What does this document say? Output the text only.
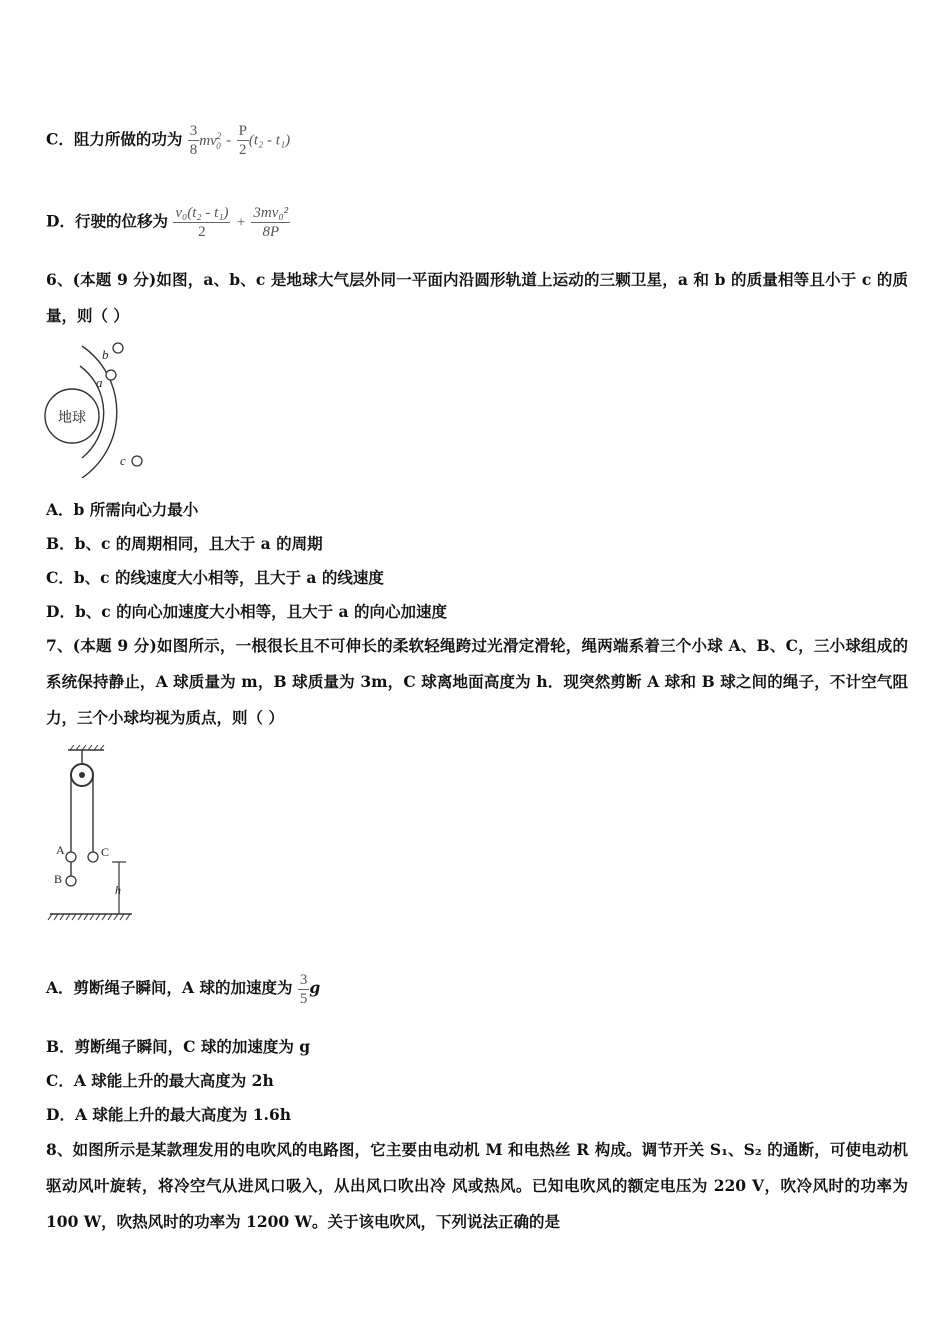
C．阻力所做的功为 $\frac{3}{8} mv^2_0 - \frac{P}{2} (t_2 - t_1)$
D．行驶的位移为 $\frac{\text{v₀(t₂ - t₁)}}{2} + \frac{\text{3mv₀²}}{8P}$
6、(本题 9 分)如图，a、b、c 是地球大气层外同一平面内沿圆形轨道上运动的三颗卫星，a 和 b 的质量相等且小于 c 的质量，则（ ）
地球
b
a
c
A．b 所需向心力最小
B．b、c 的周期相同，且大于 a 的周期
C．b、c 的线速度大小相等，且大于 a 的线速度
D．b、c 的向心加速度大小相等，且大于 a 的向心加速度
7、(本题 9 分)如图所示，一根很长且不可伸长的柔软轻绳跨过光滑定滑轮，绳两端系着三个小球 A、B、C，三小球组成的系统保持静止，A 球质量为 m，B 球质量为 3m，C 球离地面高度为 h．现突然剪断 A 球和 B 球之间的绳子，不计空气阻力，三个小球均视为质点，则（ ）
A
B
C
h
A．剪断绳子瞬间，A 球的加速度为 $\frac{3}{5}$ g
B．剪断绳子瞬间，C 球的加速度为 g
C．A 球能上升的最大高度为 2h
D．A 球能上升的最大高度为 1.6h
8、如图所示是某款理发用的电吹风的电路图，它主要由电动机 M 和电热丝 R 构成。调节开关 S₁、S₂ 的通断，可使电动机驱动风叶旋转，将冷空气从进风口吸入，从出风口吹出冷 风或热风。已知电吹风的额定电压为 220 V，吹冷风时的功率为 100 W，吹热风时的功率为 1200 W。关于该电吹风，下列说法正确的是
